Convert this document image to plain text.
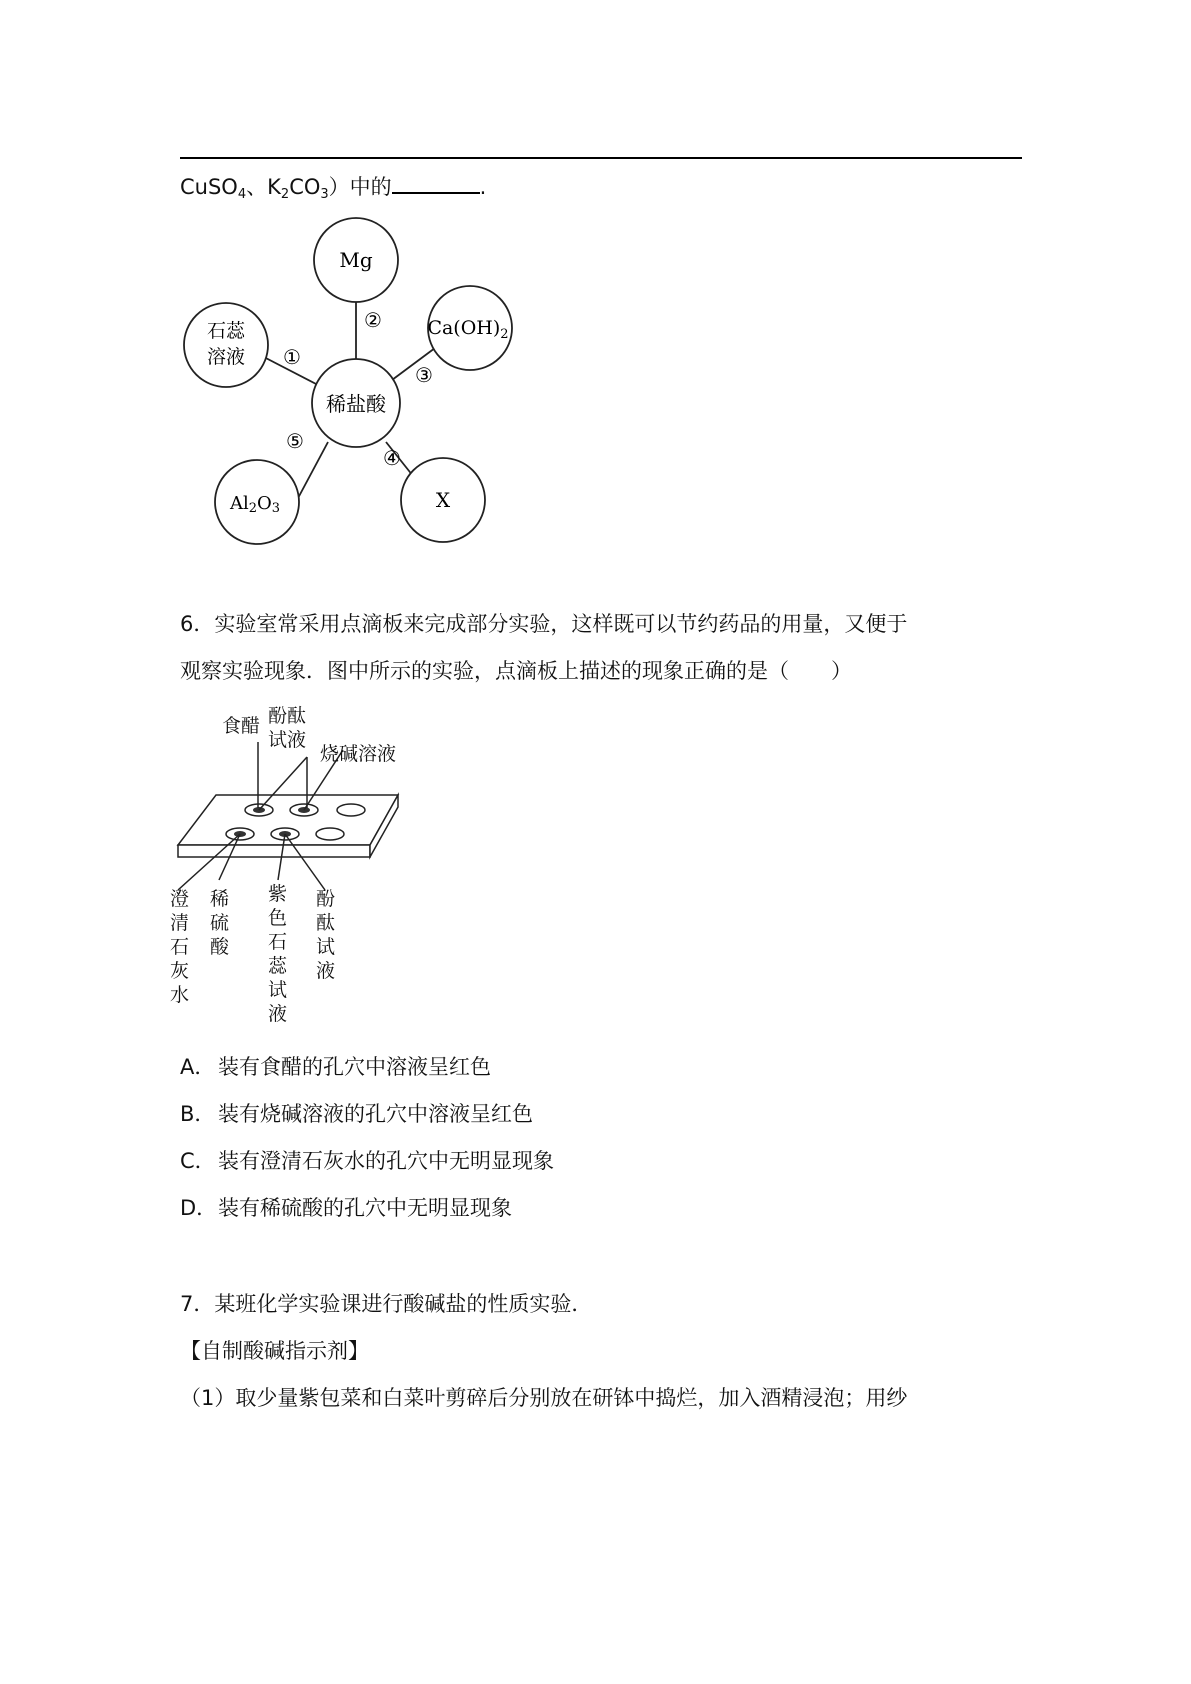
CuSO$_4$、$K_2CO_3$）中的	.
Mg
石蕊
溶液
$Ca(OH)_2$
稀盐酸
Al2O3	X
①
②
③
④
⑤
6．实验室常采用点滴板来完成部分实验，这样既可以节约药品的用量，又便于
观察实验现象．图中所示的实验，点滴板上描述的现象正确的是（　　）
食醋 酚酞
试液
烧碱溶液
澄
清
石
灰
水
稀
硫
酸
紫
色
石
蕊
试
液
酚
酞
试
液
A． 装有食醋的孔穴中溶液呈红色
B． 装有烧碱溶液的孔穴中溶液呈红色
C． 装有澄清石灰水的孔穴中无明显现象
D．装有稀硫酸的孔穴中无明显现象
7．某班化学实验课进行酸碱盐的性质实验．
【自制酸碱指示剂】
（1）取少量紫包菜和白菜叶剪碎后分别放在研钵中捣烂，加入酒精浸泡；用纱
